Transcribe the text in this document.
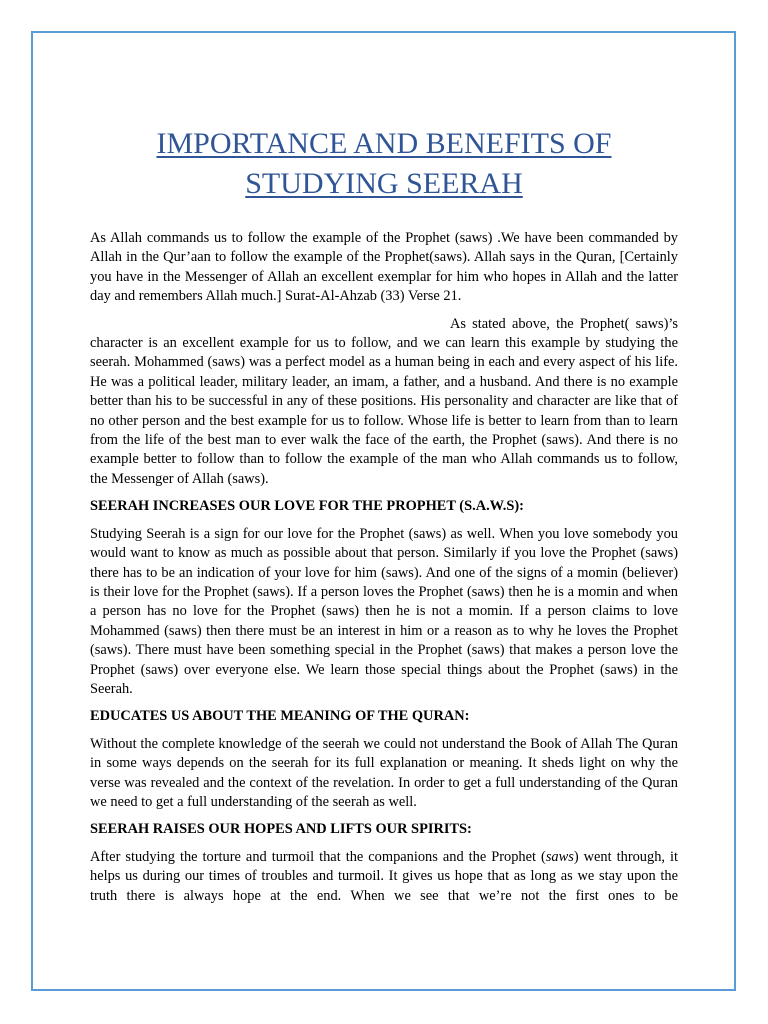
IMPORTANCE AND BENEFITS OF
STUDYING SEERAH

As Allah commands us to follow the example of the Prophet (saws) .We have been commanded by Allah in the Qur’aan to follow the example of the Prophet(saws). Allah says in the Quran, [Certainly you have in the Messenger of Allah an excellent exemplar for him who hopes in Allah and the latter day and remembers Allah much.] Surat-Al-Ahzab (33) Verse 21.

As stated above, the Prophet( saws)’s character is an excellent example for us to follow, and we can learn this example by studying the seerah. Mohammed (saws) was a perfect model as a human being in each and every aspect of his life. He was a political leader, military leader, an imam, a father, and a husband. And there is no example better than his to be successful in any of these positions. His personality and character are like that of no other person and the best example for us to follow. Whose life is better to learn from than to learn from the life of the best man to ever walk the face of the earth, the Prophet (saws). And there is no example better to follow than to follow the example of the man who Allah commands us to follow, the Messenger of Allah (saws).

SEERAH INCREASES OUR LOVE FOR THE PROPHET (S.A.W.S):

Studying Seerah is a sign for our love for the Prophet (saws) as well. When you love somebody you would want to know as much as possible about that person. Similarly if you love the Prophet (saws) there has to be an indication of your love for him (saws). And one of the signs of a momin (believer) is their love for the Prophet (saws). If a person loves the Prophet (saws) then he is a momin and when a person has no love for the Prophet (saws) then he is not a momin. If a person claims to love Mohammed (saws) then there must be an interest in him or a reason as to why he loves the Prophet (saws). There must have been something special in the Prophet (saws) that makes a person love the Prophet (saws) over everyone else. We learn those special things about the Prophet (saws) in the Seerah.

EDUCATES US ABOUT THE MEANING OF THE QURAN:

Without the complete knowledge of the seerah we could not understand the Book of Allah The Quran in some ways depends on the seerah for its full explanation or meaning. It sheds light on why the verse was revealed and the context of the revelation. In order to get a full understanding of the Quran we need to get a full understanding of the seerah as well.

SEERAH RAISES OUR HOPES AND LIFTS OUR SPIRITS:

After studying the torture and turmoil that the companions and the Prophet (saws) went through, it helps us during our times of troubles and turmoil. It gives us hope that as long as we stay upon the truth there is always hope at the end. When we see that we’re not the first ones to be
